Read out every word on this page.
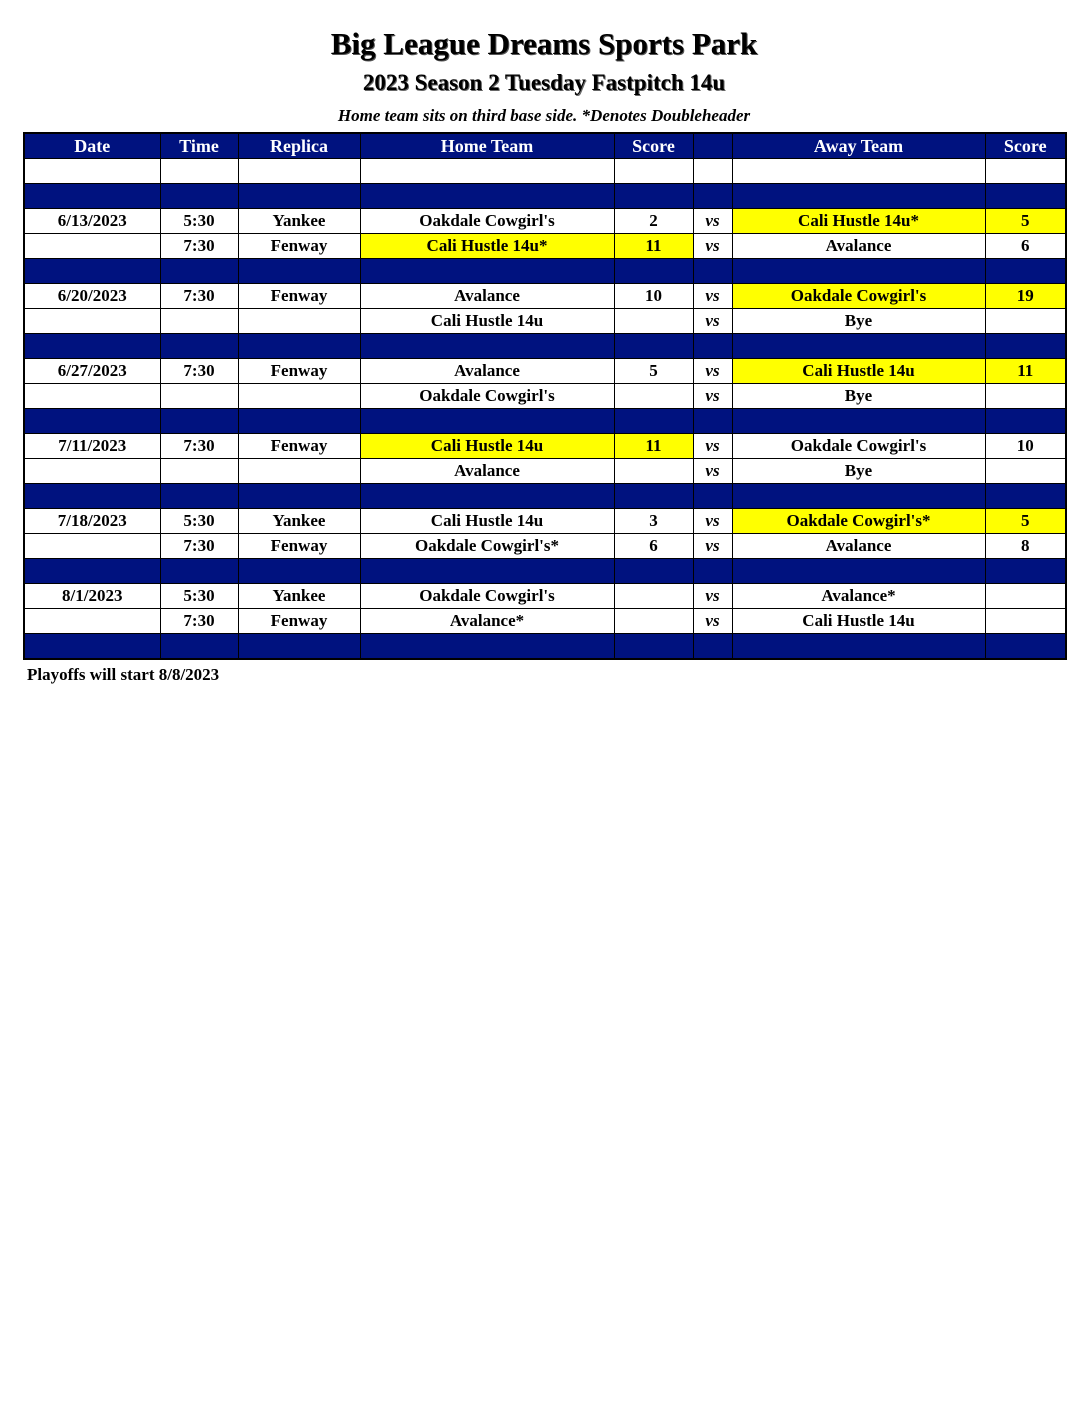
Big League Dreams Sports Park
2023 Season 2 Tuesday Fastpitch 14u
Home team sits on third base side. *Denotes Doubleheader
Date	Time	Replica	Home Team	Score		Away Team	Score

6/13/2023	5:30	Yankee	Oakdale Cowgirl's	2	vs	Cali Hustle 14u*	5
	7:30	Fenway	Cali Hustle 14u*	11	vs	Avalance	6

6/20/2023	7:30	Fenway	Avalance	10	vs	Oakdale Cowgirl's	19
			Cali Hustle 14u		vs	Bye	

6/27/2023	7:30	Fenway	Avalance	5	vs	Cali Hustle 14u	11
			Oakdale Cowgirl's		vs	Bye	

7/11/2023	7:30	Fenway	Cali Hustle 14u	11	vs	Oakdale Cowgirl's	10
			Avalance		vs	Bye	

7/18/2023	5:30	Yankee	Cali Hustle 14u	3	vs	Oakdale Cowgirl's*	5
	7:30	Fenway	Oakdale Cowgirl's*	6	vs	Avalance	8

8/1/2023	5:30	Yankee	Oakdale Cowgirl's		vs	Avalance*	
	7:30	Fenway	Avalance*		vs	Cali Hustle 14u	

Playoffs will start 8/8/2023
